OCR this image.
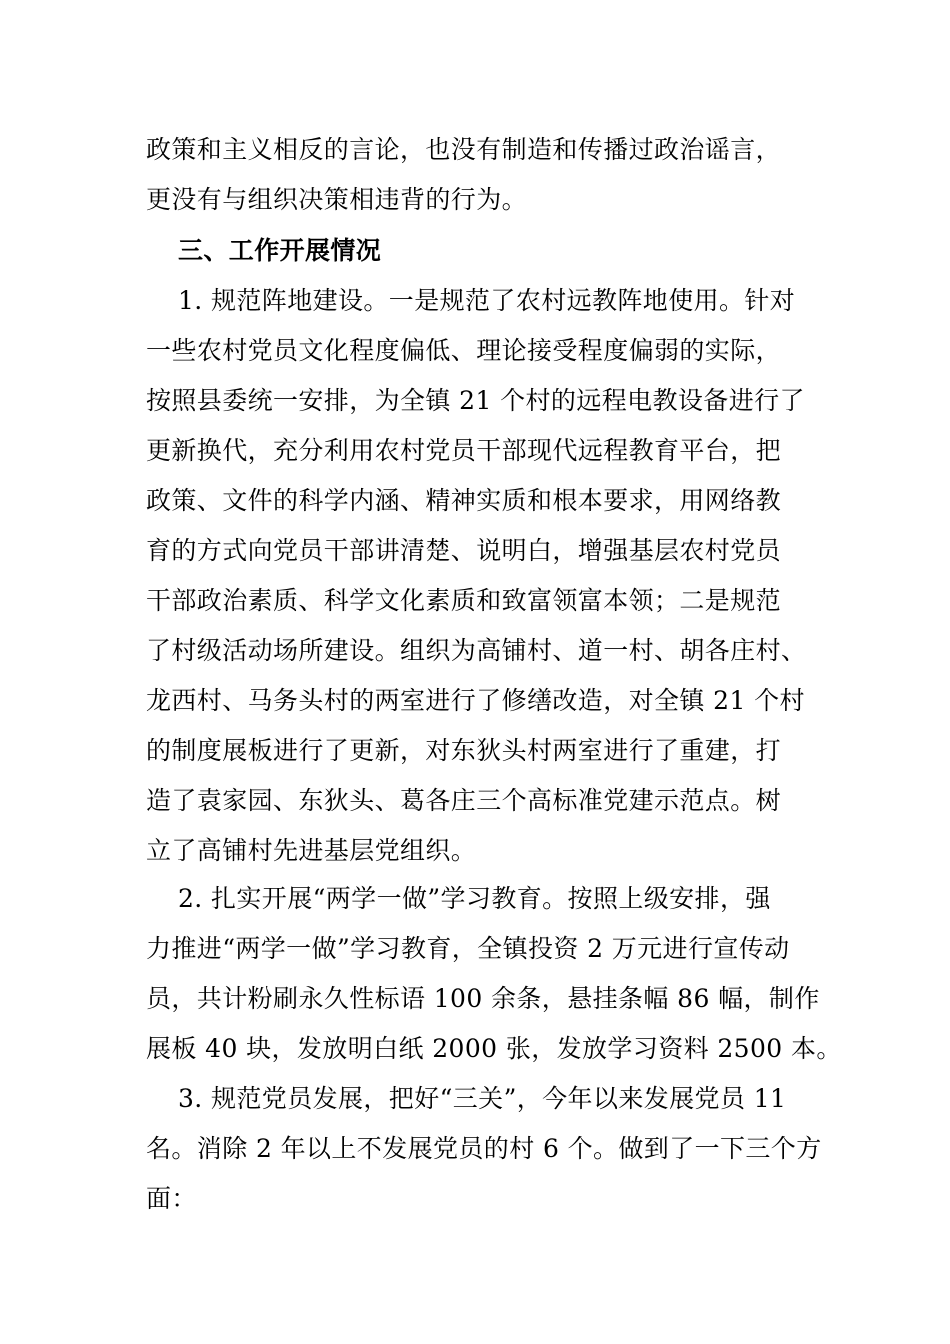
政策和主义相反的言论，也没有制造和传播过政治谣言，
更没有与组织决策相违背的行为。
三、工作开展情况
1. 规范阵地建设。一是规范了农村远教阵地使用。针对
一些农村党员文化程度偏低、理论接受程度偏弱的实际，
按照县委统一安排，为全镇 21 个村的远程电教设备进行了
更新换代，充分利用农村党员干部现代远程教育平台，把
政策、文件的科学内涵、精神实质和根本要求，用网络教
育的方式向党员干部讲清楚、说明白，增强基层农村党员
干部政治素质、科学文化素质和致富领富本领；二是规范
了村级活动场所建设。组织为高铺村、道一村、胡各庄村、
龙西村、马务头村的两室进行了修缮改造，对全镇 21 个村
的制度展板进行了更新，对东狄头村两室进行了重建，打
造了袁家园、东狄头、葛各庄三个高标准党建示范点。树
立了高铺村先进基层党组织。
2. 扎实开展“两学一做”学习教育。按照上级安排，强
力推进“两学一做”学习教育，全镇投资 2 万元进行宣传动
员，共计粉刷永久性标语 100 余条，悬挂条幅 86 幅，制作
展板 40 块，发放明白纸 2000 张，发放学习资料 2500 本。
3. 规范党员发展，把好“三关”，今年以来发展党员 11
名。消除 2 年以上不发展党员的村 6 个。做到了一下三个方
面：
